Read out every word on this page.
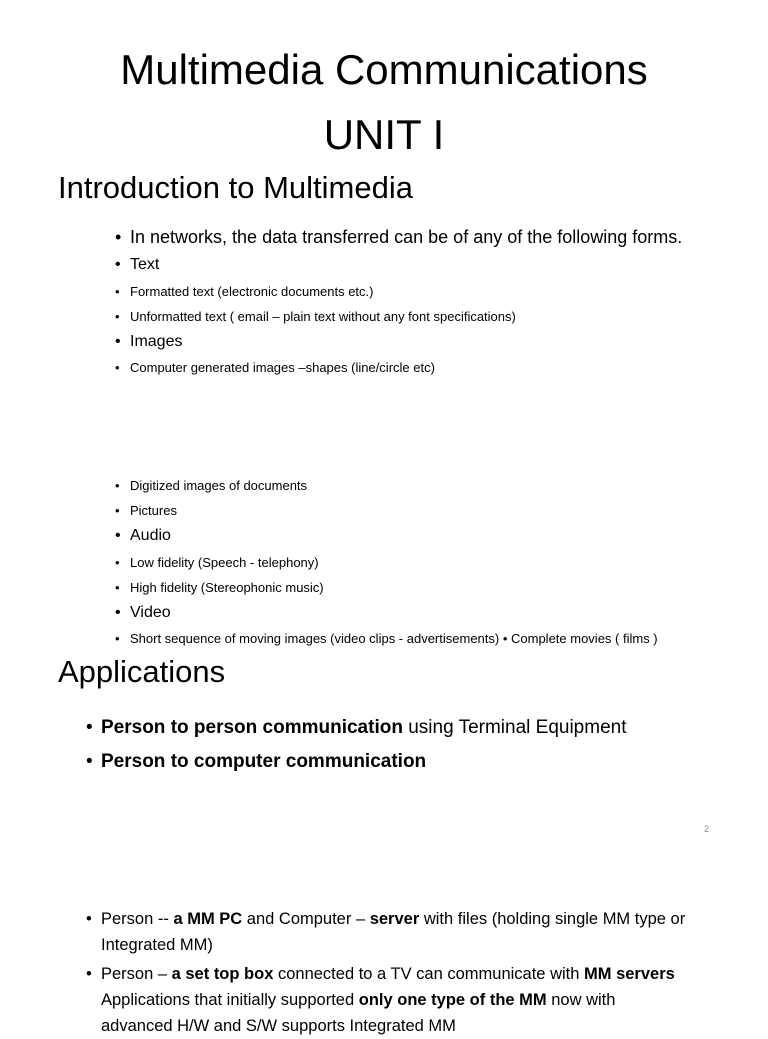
Multimedia Communications
UNIT I
Introduction to Multimedia
• In networks, the data transferred can be of any of the following forms.
• Text
• Formatted text (electronic documents etc.)
• Unformatted text ( email – plain text without any font specifications)
• Images
• Computer generated images –shapes (line/circle etc)
• Digitized images of documents
• Pictures
• Audio
• Low fidelity (Speech - telephony)
• High fidelity (Stereophonic music)
• Video
• Short sequence of moving images (video clips - advertisements) • Complete movies ( films )
Applications
• Person to person communication using Terminal Equipment
• Person to computer communication
2
• Person -- a MM PC and Computer – server with files (holding single MM type or Integrated MM)
• Person – a set top box connected to a TV can communicate with MM servers Applications that initially supported only one type of the MM now with
advanced H/W and S/W supports Integrated MM
